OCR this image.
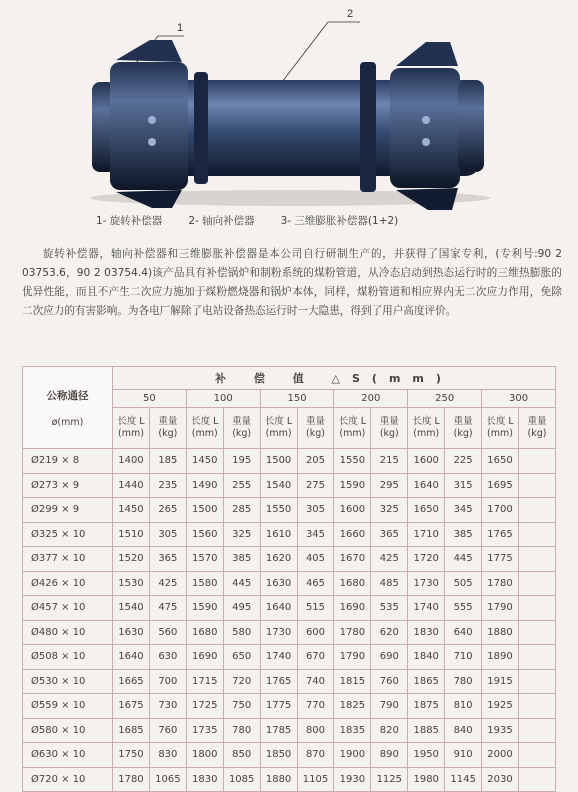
1
2
1- 旋转补偿器 2- 轴向补偿器 3- 三维膨胀补偿器(1+2)

旋转补偿器，轴向补偿器和三维膨胀补偿器是本公司自行研制生产的，并获得了国家专利，(专利号:90 2 03753.6，90 2 03754.4)该产品具有补偿锅炉和制粉系统的煤粉管道，从冷态启动到热态运行时的三维热膨胀的优异性能，而且不产生二次应力施加于煤粉燃烧器和锅炉本体，同样，煤粉管道和相应界内无二次应力作用，免除二次应力的有害影响。为各电厂解除了电站设备热态运行时一大隐患，得到了用户高度评价。

公称通径
ø(mm)	补 偿 值 △S(mm)											
	50		100		150		200		250		300	
	长度 L (mm)	重量 (kg)	长度 L (mm)	重量 (kg)	长度 L (mm)	重量 (kg)	长度 L (mm)	重量 (kg)	长度 L (mm)	重量 (kg)	长度 L (mm)	重量 (kg)
Ø219 × 8	1400	185	1450	195	1500	205	1550	215	1600	225	1650	
Ø273 × 9	1440	235	1490	255	1540	275	1590	295	1640	315	1695	
Ø299 × 9	1450	265	1500	285	1550	305	1600	325	1650	345	1700	
Ø325 × 10	1510	305	1560	325	1610	345	1660	365	1710	385	1765	
Ø377 × 10	1520	365	1570	385	1620	405	1670	425	1720	445	1775	
Ø426 × 10	1530	425	1580	445	1630	465	1680	485	1730	505	1780	
Ø457 × 10	1540	475	1590	495	1640	515	1690	535	1740	555	1790	
Ø480 × 10	1630	560	1680	580	1730	600	1780	620	1830	640	1880	
Ø508 × 10	1640	630	1690	650	1740	670	1790	690	1840	710	1890	
Ø530 × 10	1665	700	1715	720	1765	740	1815	760	1865	780	1915	
Ø559 × 10	1675	730	1725	750	1775	770	1825	790	1875	810	1925	
Ø580 × 10	1685	760	1735	780	1785	800	1835	820	1885	840	1935	
Ø630 × 10	1750	830	1800	850	1850	870	1900	890	1950	910	2000	
Ø720 × 10	1780	1065	1830	1085	1880	1105	1930	1125	1980	1145	2030	
